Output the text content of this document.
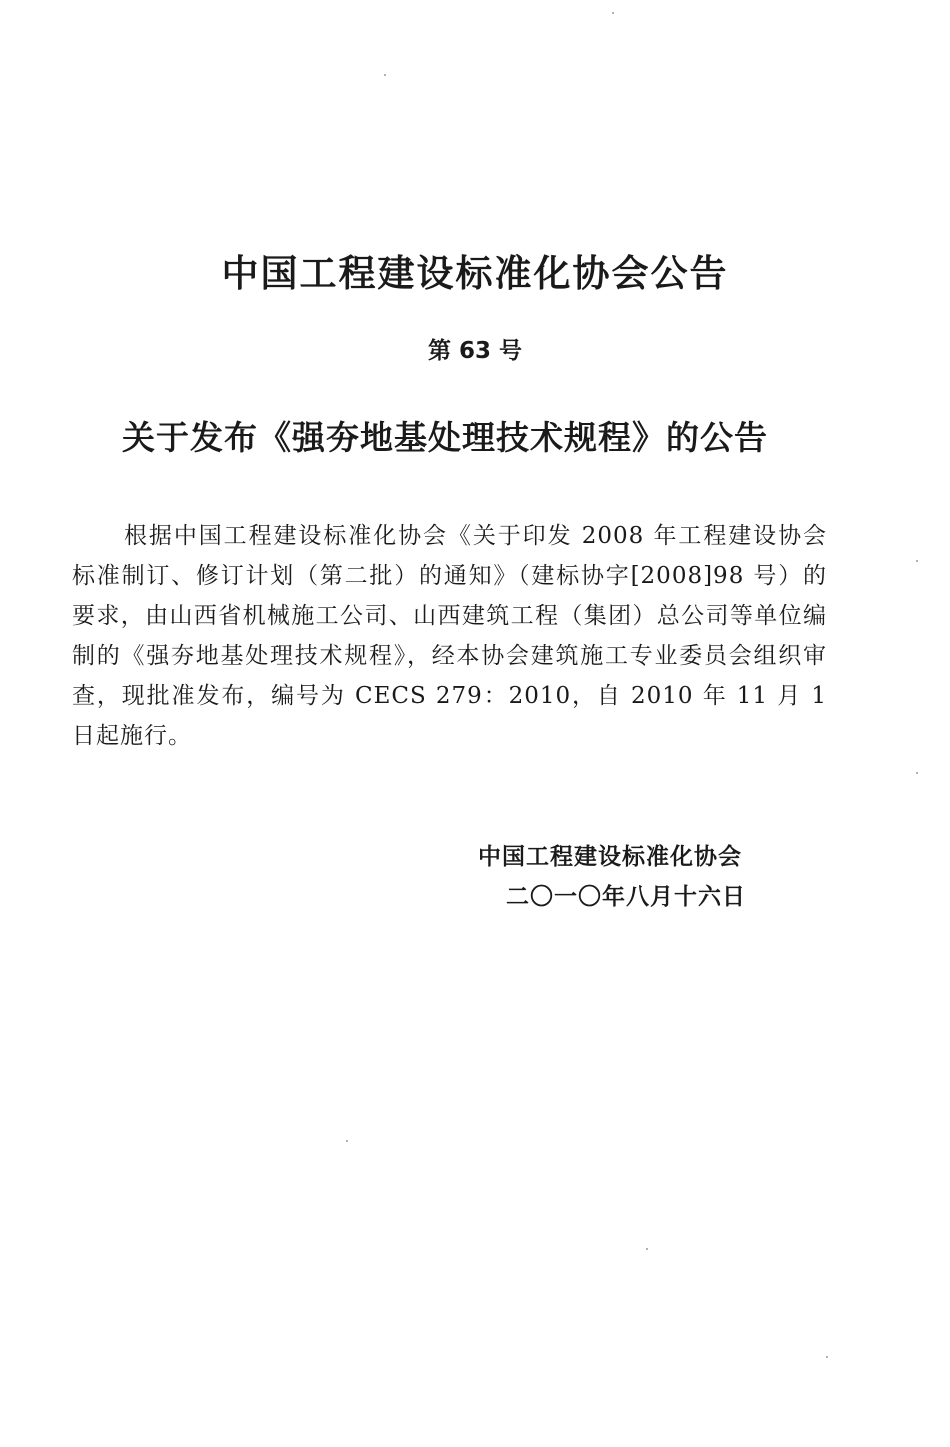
中国工程建设标准化协会公告
第 63 号
关于发布《强夯地基处理技术规程》的公告

根据中国工程建设标准化协会《关于印发 2008 年工程建设协会标准制订、修订计划（第二批）的通知》（建标协字[2008]98 号）的要求，由山西省机械施工公司、山西建筑工程（集团）总公司等单位编制的《强夯地基处理技术规程》，经本协会建筑施工专业委员会组织审查，现批准发布，编号为 CECS 279：2010，自 2010 年 11 月 1 日起施行。

中国工程建设标准化协会
二〇一〇年八月十六日
